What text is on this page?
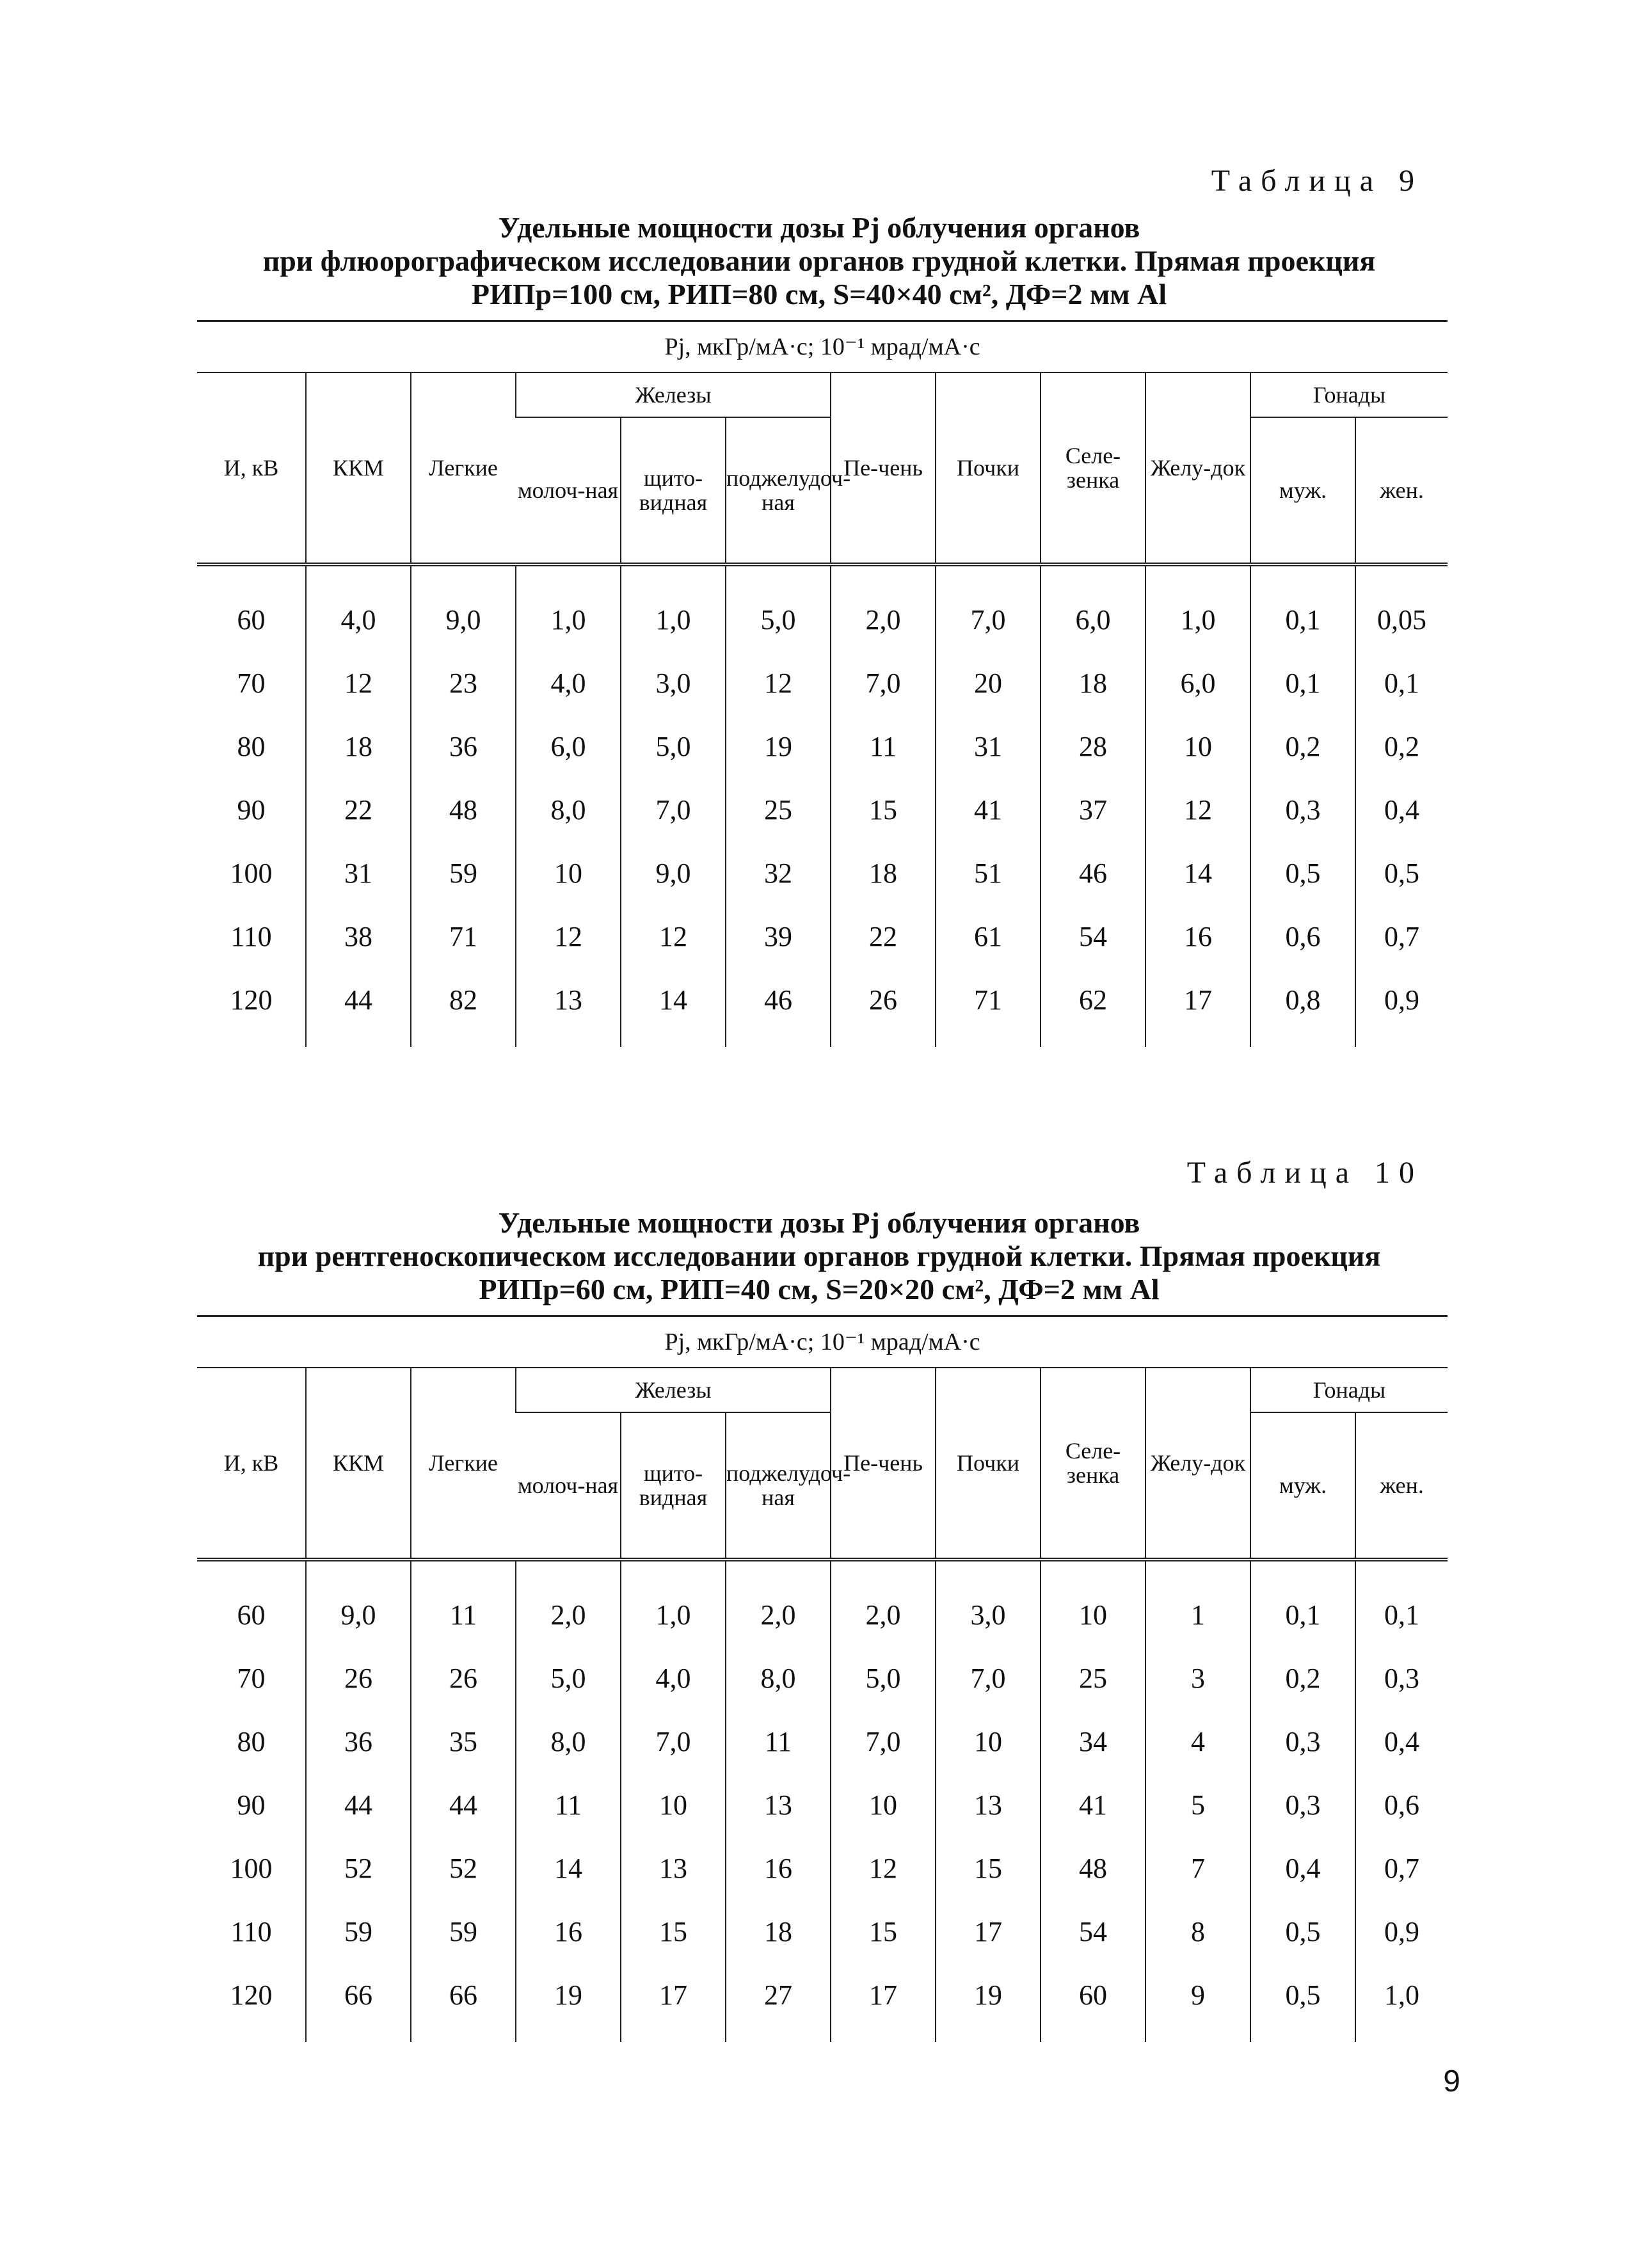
Таблица 9
Удельные мощности дозы Pj облучения органов
при флюорографическом исследовании органов грудной клетки. Прямая проекция
РИПр=100 см, РИП=80 см, S=40×40 см², ДФ=2 мм Al
Pj, мкГр/мА·с; 10⁻¹ мрад/мА·с											
И, кВ	ККМ	Легкие	Железы			Пе-чень	Почки	Селе-зенка	Желу-док	Гонады	
			молоч-ная	щито-видная	поджелудоч-ная					муж.	жен.
60	4,0	9,0	1,0	1,0	5,0	2,0	7,0	6,0	1,0	0,1	0,05
70	12	23	4,0	3,0	12	7,0	20	18	6,0	0,1	0,1
80	18	36	6,0	5,0	19	11	31	28	10	0,2	0,2
90	22	48	8,0	7,0	25	15	41	37	12	0,3	0,4
100	31	59	10	9,0	32	18	51	46	14	0,5	0,5
110	38	71	12	12	39	22	61	54	16	0,6	0,7
120	44	82	13	14	46	26	71	62	17	0,8	0,9
Таблица 10
Удельные мощности дозы Pj облучения органов
при рентгеноскопическом исследовании органов грудной клетки. Прямая проекция
РИПр=60 см, РИП=40 см, S=20×20 см², ДФ=2 мм Al
Pj, мкГр/мА·с; 10⁻¹ мрад/мА·с											
И, кВ	ККМ	Легкие	Железы			Пе-чень	Почки	Селе-зенка	Желу-док	Гонады	
			молоч-ная	щито-видная	поджелудоч-ная					муж.	жен.
60	9,0	11	2,0	1,0	2,0	2,0	3,0	10	1	0,1	0,1
70	26	26	5,0	4,0	8,0	5,0	7,0	25	3	0,2	0,3
80	36	35	8,0	7,0	11	7,0	10	34	4	0,3	0,4
90	44	44	11	10	13	10	13	41	5	0,3	0,6
100	52	52	14	13	16	12	15	48	7	0,4	0,7
110	59	59	16	15	18	15	17	54	8	0,5	0,9
120	66	66	19	17	27	17	19	60	9	0,5	1,0
9
